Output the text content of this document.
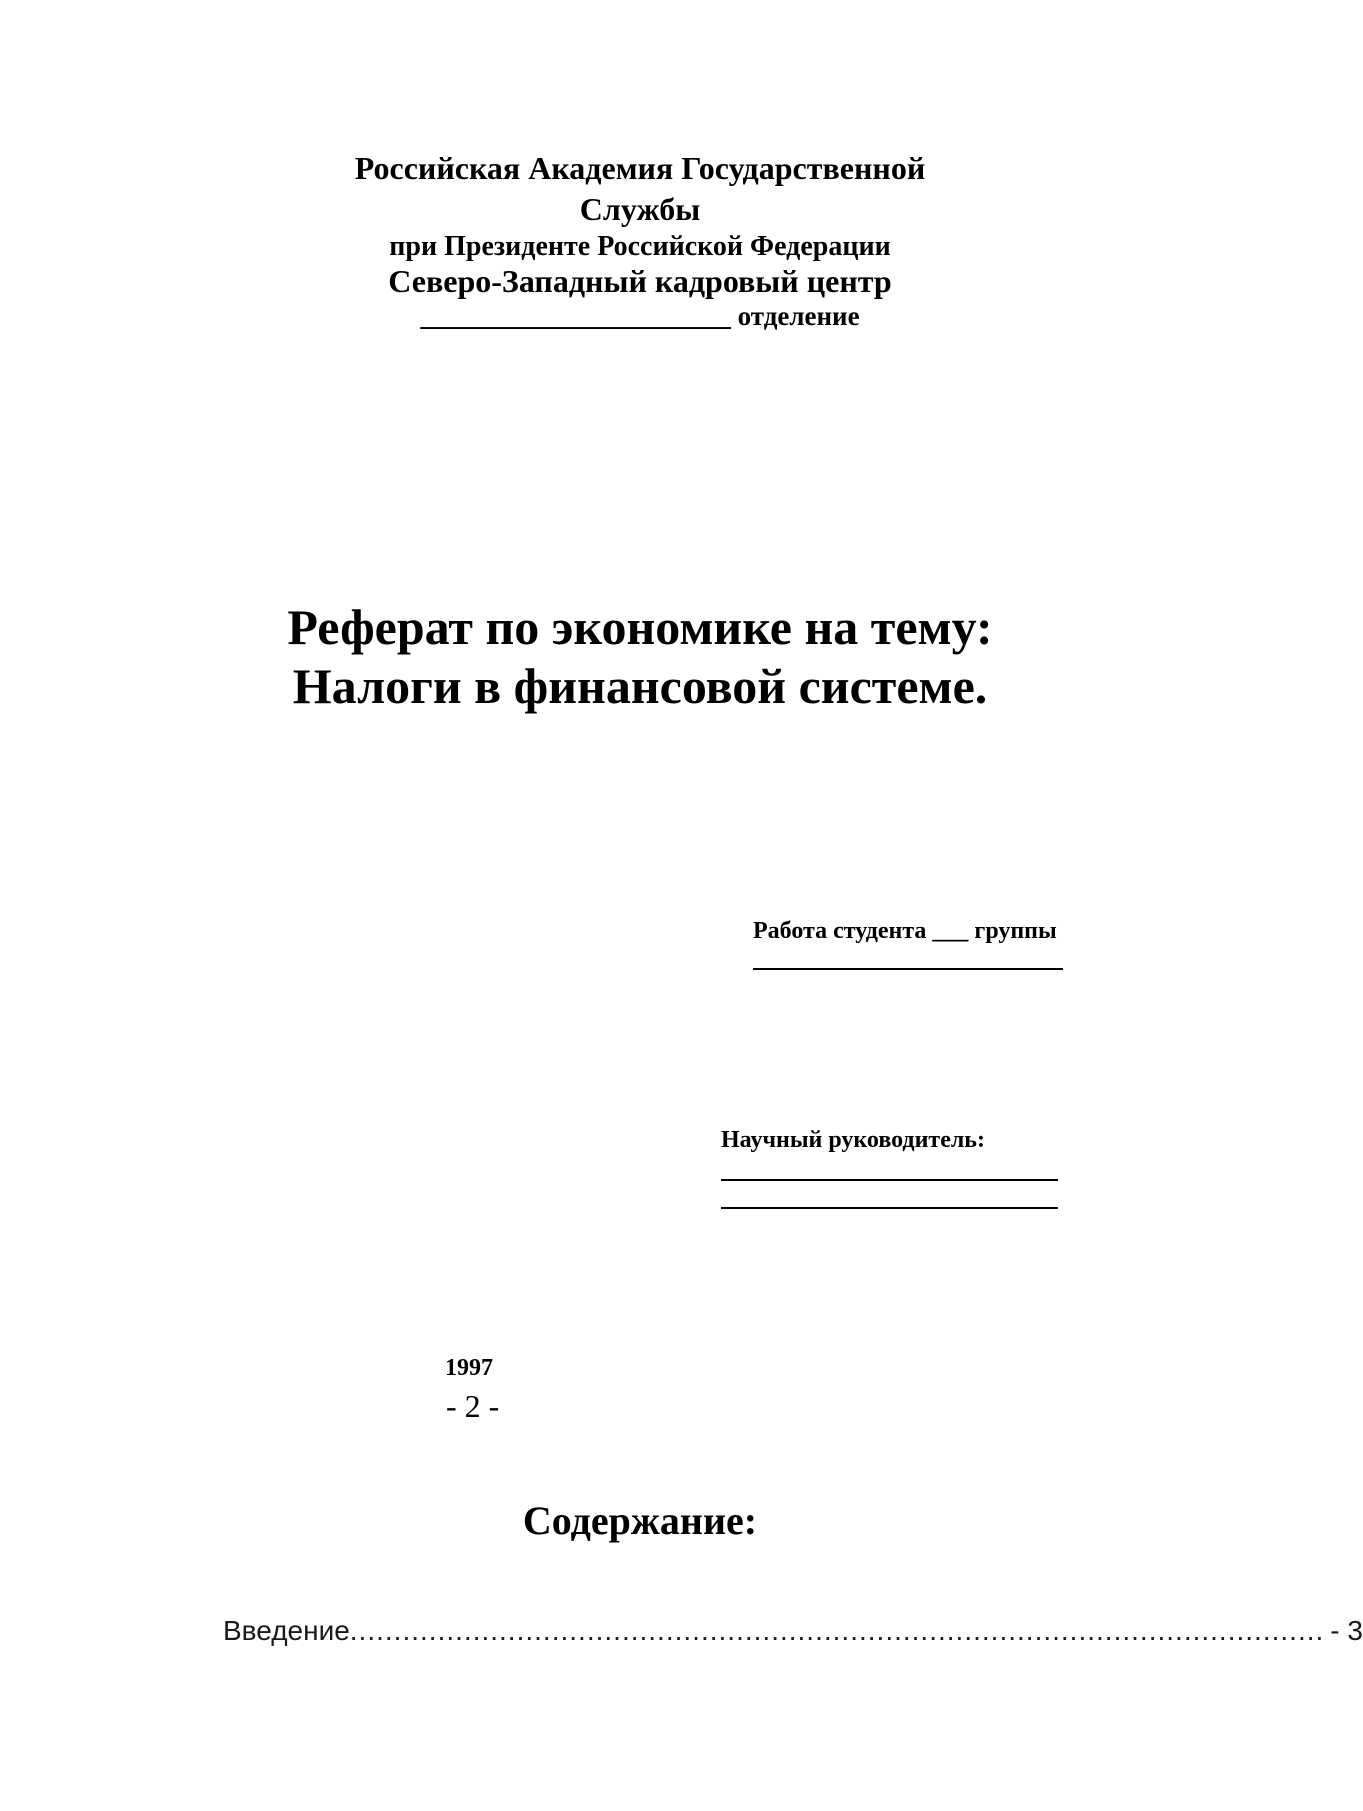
Российская Академия Государственной
Службы
при Президенте Российской Федерации
Северо-Западный кадровый центр
_______________________ отделение
Реферат по экономике на тему:
Налоги в финансовой системе.
Работа студента ___ группы
Научный руководитель:
1997
- 2 -
Содержание:
Введение ............................................................................................................... - 3
